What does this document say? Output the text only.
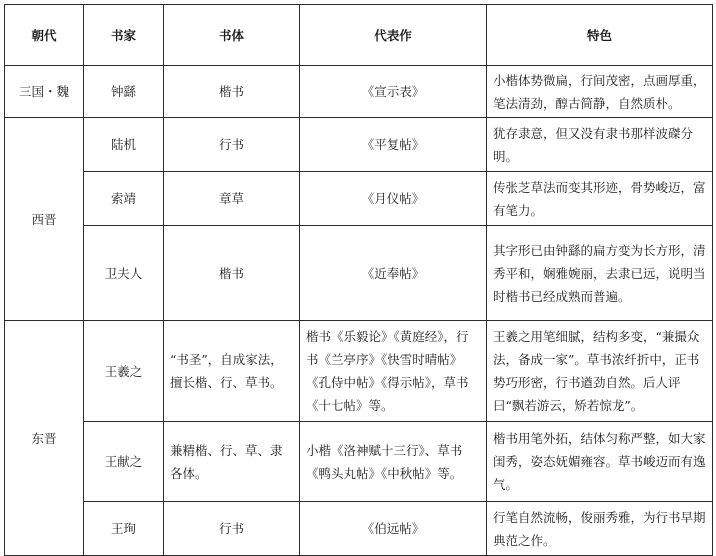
朝代	书家	书体	代表作	特色
三国・魏	钟繇	楷书	《宣示表》	小楷体势微扁，行间茂密，点画厚重，笔法清劲，醇古简静，自然质朴。
西晋	陆机	行书	《平复帖》	犹存隶意，但又没有隶书那样波磔分明。
	索靖	章草	《月仪帖》	传张芝草法而变其形迹，骨势峻迈，富有笔力。
	卫夫人	楷书	《近奉帖》	其字形已由钟繇的扁方变为长方形，清秀平和，娴雅婉丽，去隶已远，说明当时楷书已经成熟而普遍。
东晋	王羲之	“书圣”，自成家法，擅长楷、行、草书。	楷书《乐毅论》《黄庭经》，行书《兰亭序》《快雪时晴帖》《孔侍中帖》《得示帖》，草书《十七帖》等。	王羲之用笔细腻，结构多变，“兼撮众法，备成一家”。草书浓纤折中，正书势巧形密，行书遒劲自然。后人评曰“飘若游云，矫若惊龙”。
	王献之	兼精楷、行、草、隶各体。	小楷《洛神赋十三行》、草书《鸭头丸帖》《中秋帖》等。	楷书用笔外拓，结体匀称严整，如大家闺秀，姿态妩媚雍容。草书峻迈而有逸气。
	王珣	行书	《伯远帖》	行笔自然流畅，俊丽秀雅，为行书早期典范之作。
